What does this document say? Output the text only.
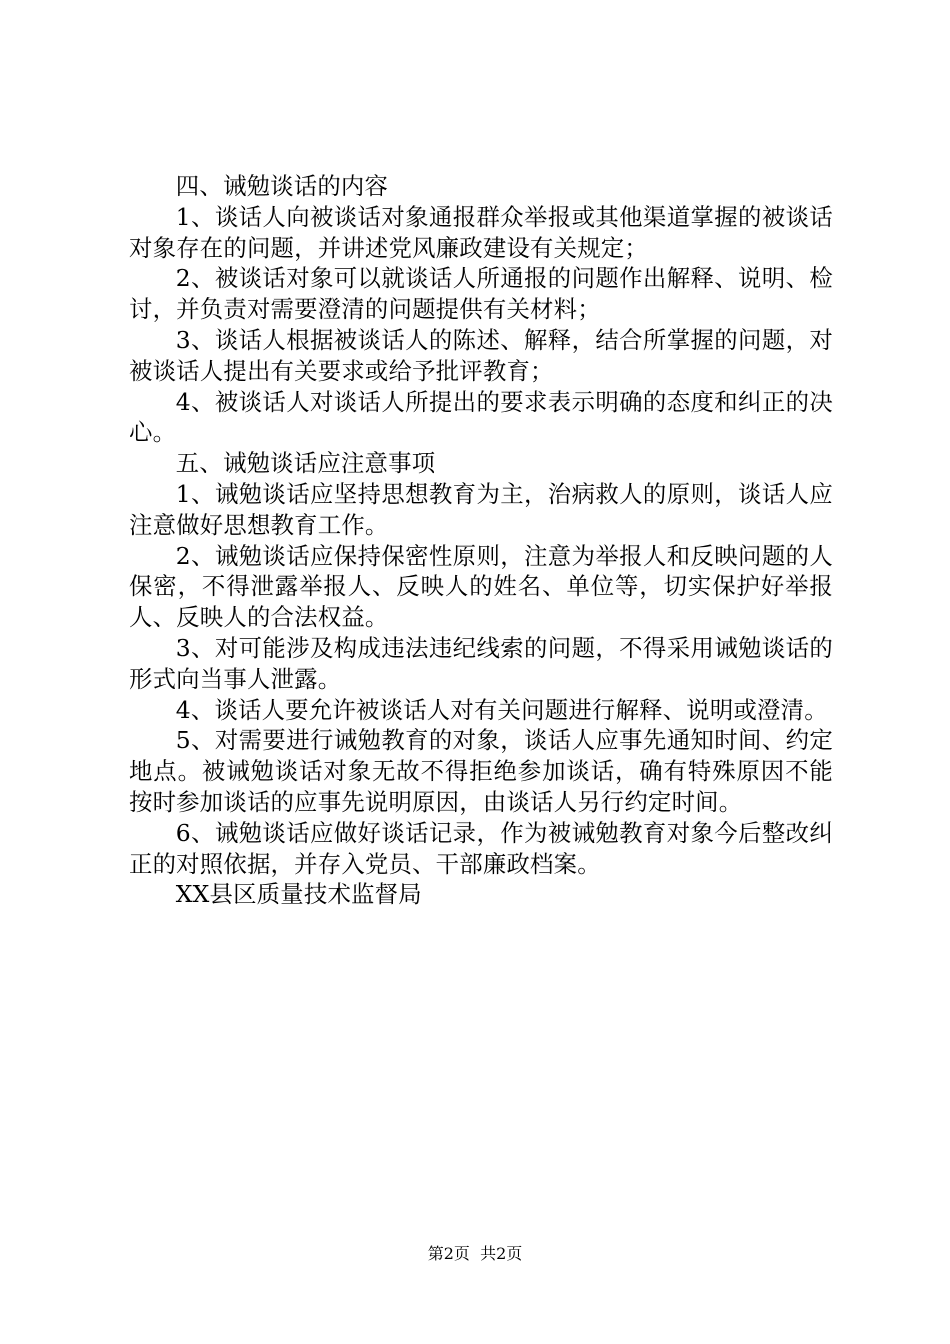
四、诫勉谈话的内容

1、谈话人向被谈话对象通报群众举报或其他渠道掌握的被谈话对象存在的问题，并讲述党风廉政建设有关规定；

2、被谈话对象可以就谈话人所通报的问题作出解释、说明、检讨，并负责对需要澄清的问题提供有关材料；

3、谈话人根据被谈话人的陈述、解释，结合所掌握的问题，对被谈话人提出有关要求或给予批评教育；

4、被谈话人对谈话人所提出的要求表示明确的态度和纠正的决心。

五、诫勉谈话应注意事项

1、诫勉谈话应坚持思想教育为主，治病救人的原则，谈话人应注意做好思想教育工作。

2、诫勉谈话应保持保密性原则，注意为举报人和反映问题的人保密，不得泄露举报人、反映人的姓名、单位等，切实保护好举报人、反映人的合法权益。

3、对可能涉及构成违法违纪线索的问题，不得采用诫勉谈话的形式向当事人泄露。

4、谈话人要允许被谈话人对有关问题进行解释、说明或澄清。

5、对需要进行诫勉教育的对象，谈话人应事先通知时间、约定地点。被诫勉谈话对象无故不得拒绝参加谈话，确有特殊原因不能按时参加谈话的应事先说明原因，由谈话人另行约定时间。

6、诫勉谈话应做好谈话记录，作为被诫勉教育对象今后整改纠正的对照依据，并存入党员、干部廉政档案。

XX县区质量技术监督局

第2页  共2页
